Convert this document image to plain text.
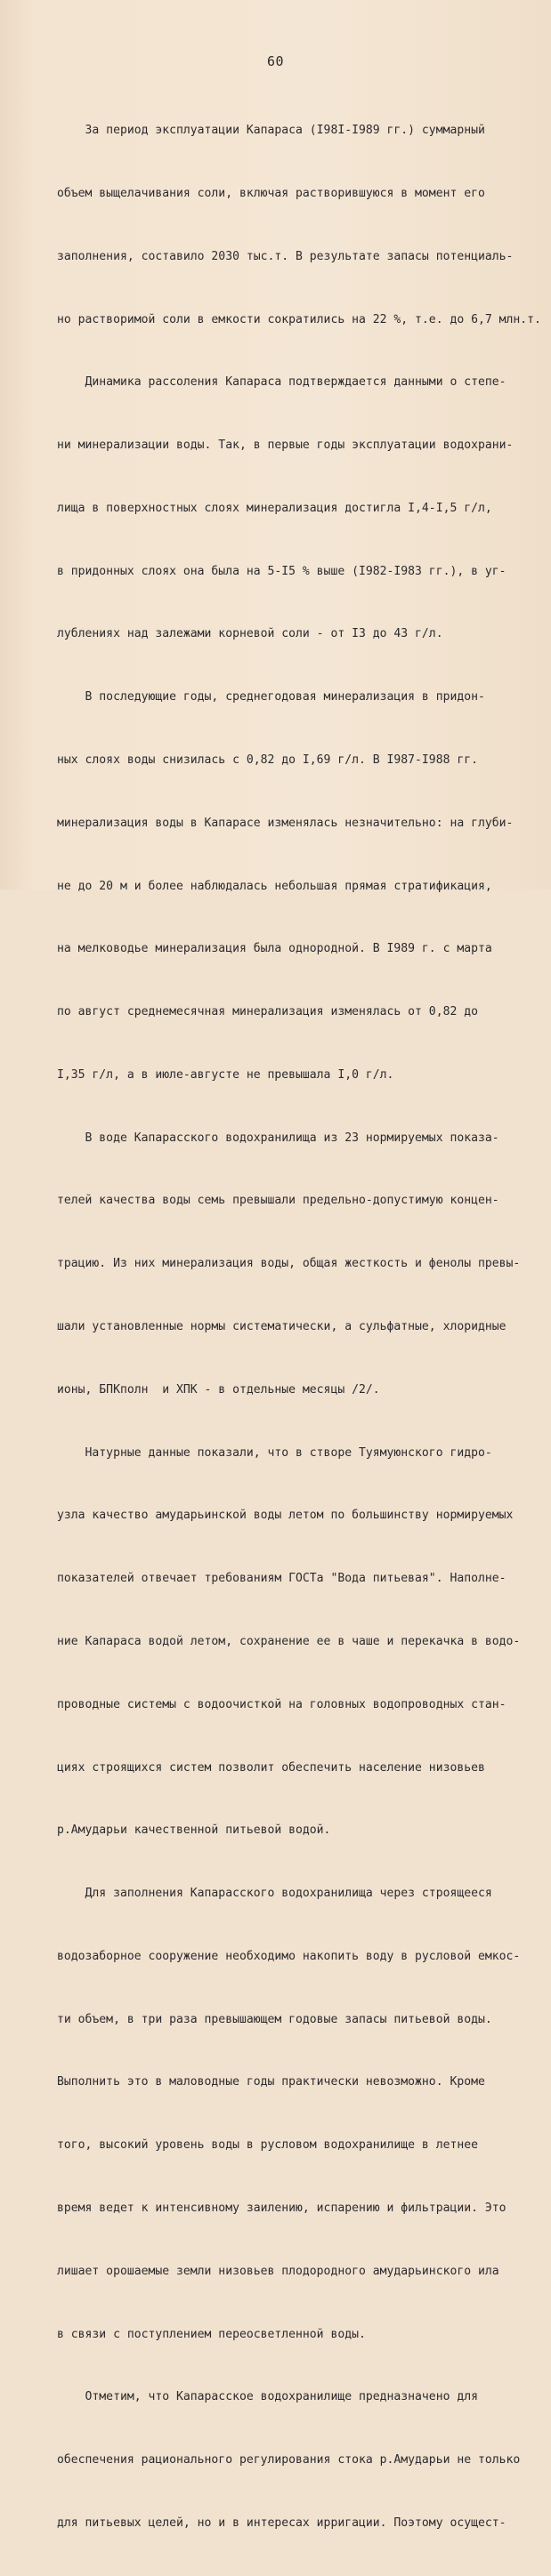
60

За период эксплуатации Капараса (I98I-I989 гг.) суммарный

объем выщелачивания соли, включая растворившуюся в момент его

заполнения, составило 2030 тыс.т. В результате запасы потенциаль-

но растворимой соли в емкости сократились на 22 %, т.е. до 6,7 млн.т.

Динамика рассоления Капараса подтверждается данными о степе-

ни минерализации воды. Так, в первые годы эксплуатации водохрани-

лища в поверхностных слоях минерализация достигла I,4-I,5 г/л,

в придонных слоях она была на 5-I5 % выше (I982-I983 гг.), в уг-

лублениях над залежами корневой соли - от I3 до 43 г/л.

В последующие годы, среднегодовая минерализация в придон-

ных слоях воды снизилась с 0,82 до I,69 г/л. В I987-I988 гг.

минерализация воды в Капарасе изменялась незначительно: на глуби-

не до 20 м и более наблюдалась небольшая прямая стратификация,

на мелководье минерализация была однородной. В I989 г. с марта

по август среднемесячная минерализация изменялась от 0,82 до

I,35 г/л, а в июле-августе не превышала I,0 г/л.

В воде Капарасского водохранилища из 23 нормируемых показа-

телей качества воды семь превышали предельно-допустимую концен-

трацию. Из них минерализация воды, общая жесткость и фенолы превы-

шали установленные нормы систематически, а сульфатные, хлоридные

ионы, БПКполн  и ХПК - в отдельные месяцы /2/.

Натурные данные показали, что в створе Туямуюнского гидро-

узла качество амударьинской воды летом по большинству нормируемых

показателей отвечает требованиям ГОСТа "Вода питьевая". Наполне-

ние Капараса водой летом, сохранение ее в чаше и перекачка в водо-

проводные системы с водоочисткой на головных водопроводных стан-

циях строящихся систем позволит обеспечить население низовьев

р.Амударьи качественной питьевой водой.

Для заполнения Капарасского водохранилища через строящееся

водозаборное сооружение необходимо накопить воду в русловой емкос-

ти объем, в три раза превышающем годовые запасы питьевой воды.

Выполнить это в маловодные годы практически невозможно. Кроме

того, высокий уровень воды в русловом водохранилище в летнее

время ведет к интенсивному заилению, испарению и фильтрации. Это

лишает орошаемые земли низовьев плодородного амударьинского ила

в связи с поступлением переосветленной воды.

Отметим, что Капарасское водохранилище предназначено для

обеспечения рационального регулирования стока р.Амударьи не только

для питьевых целей, но и в интересах ирригации. Поэтому осущест-
